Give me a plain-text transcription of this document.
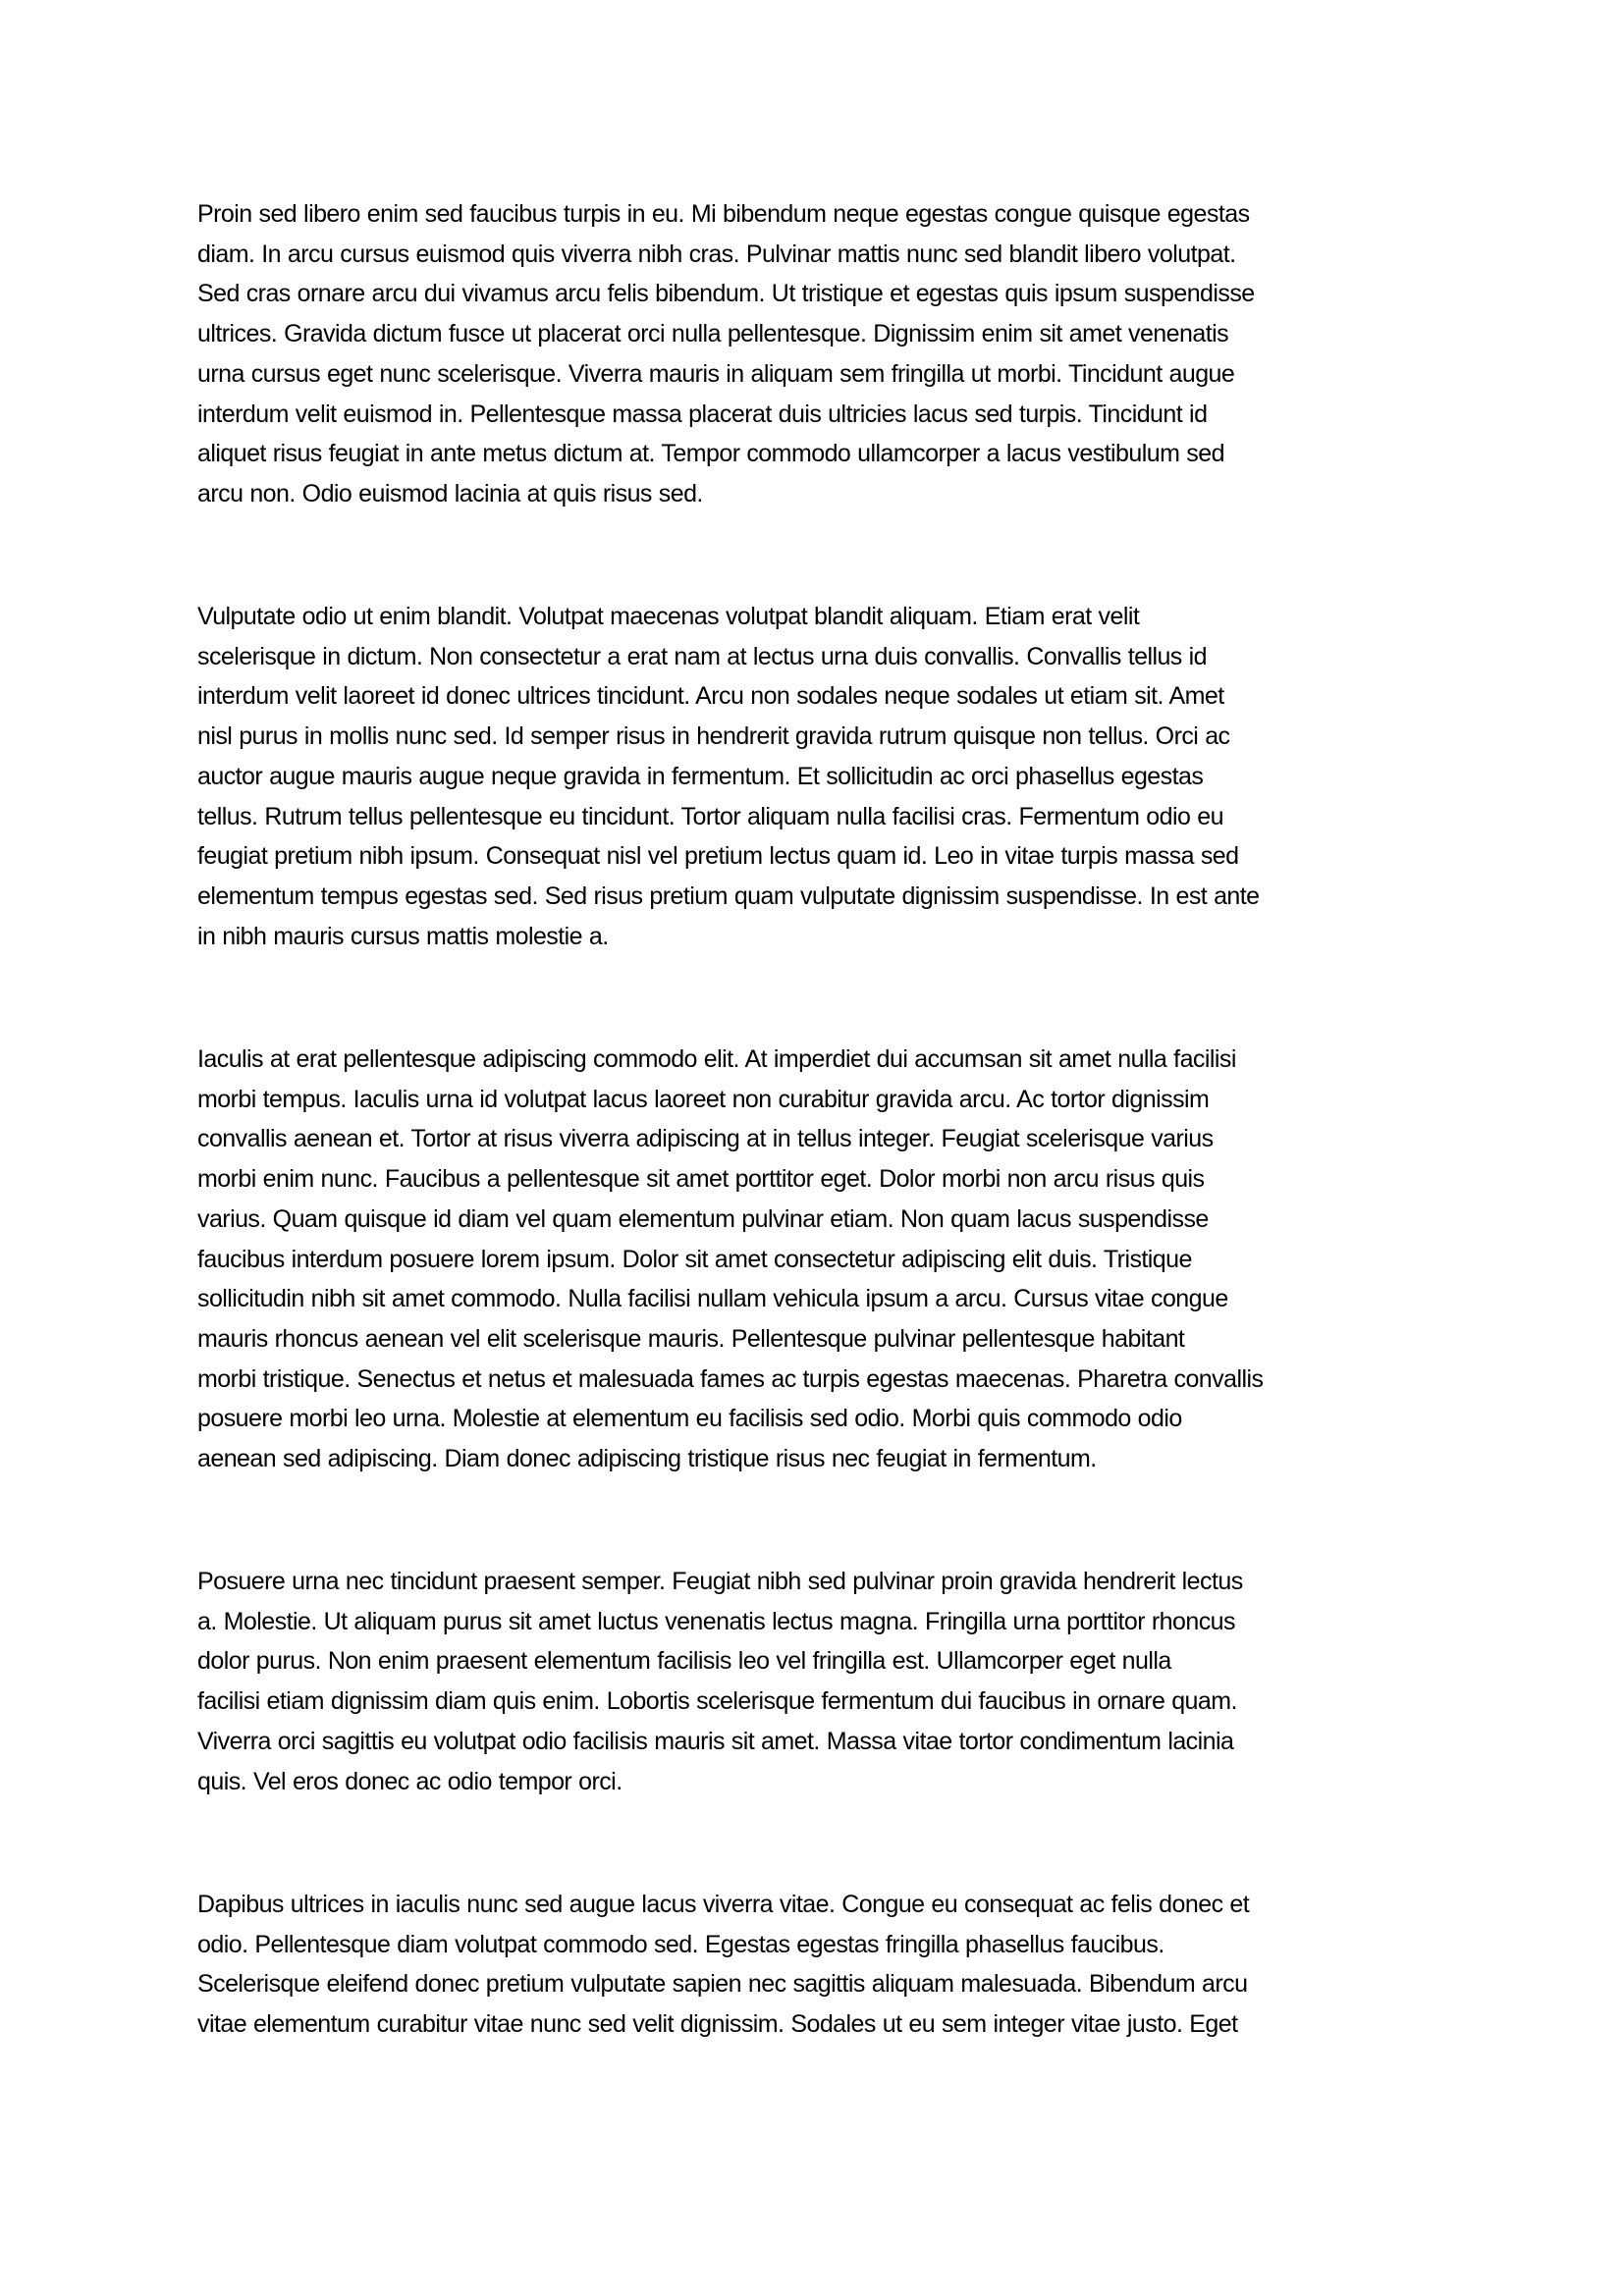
Proin sed libero enim sed faucibus turpis in eu. Mi bibendum neque egestas congue quisque egestas
diam. In arcu cursus euismod quis viverra nibh cras. Pulvinar mattis nunc sed blandit libero volutpat.
Sed cras ornare arcu dui vivamus arcu felis bibendum. Ut tristique et egestas quis ipsum suspendisse
ultrices. Gravida dictum fusce ut placerat orci nulla pellentesque. Dignissim enim sit amet venenatis
urna cursus eget nunc scelerisque. Viverra mauris in aliquam sem fringilla ut morbi. Tincidunt augue
interdum velit euismod in. Pellentesque massa placerat duis ultricies lacus sed turpis. Tincidunt id
aliquet risus feugiat in ante metus dictum at. Tempor commodo ullamcorper a lacus vestibulum sed
arcu non. Odio euismod lacinia at quis risus sed.

Vulputate odio ut enim blandit. Volutpat maecenas volutpat blandit aliquam. Etiam erat velit
scelerisque in dictum. Non consectetur a erat nam at lectus urna duis convallis. Convallis tellus id
interdum velit laoreet id donec ultrices tincidunt. Arcu non sodales neque sodales ut etiam sit. Amet
nisl purus in mollis nunc sed. Id semper risus in hendrerit gravida rutrum quisque non tellus. Orci ac
auctor augue mauris augue neque gravida in fermentum. Et sollicitudin ac orci phasellus egestas
tellus. Rutrum tellus pellentesque eu tincidunt. Tortor aliquam nulla facilisi cras. Fermentum odio eu
feugiat pretium nibh ipsum. Consequat nisl vel pretium lectus quam id. Leo in vitae turpis massa sed
elementum tempus egestas sed. Sed risus pretium quam vulputate dignissim suspendisse. In est ante
in nibh mauris cursus mattis molestie a.

Iaculis at erat pellentesque adipiscing commodo elit. At imperdiet dui accumsan sit amet nulla facilisi
morbi tempus. Iaculis urna id volutpat lacus laoreet non curabitur gravida arcu. Ac tortor dignissim
convallis aenean et. Tortor at risus viverra adipiscing at in tellus integer. Feugiat scelerisque varius
morbi enim nunc. Faucibus a pellentesque sit amet porttitor eget. Dolor morbi non arcu risus quis
varius. Quam quisque id diam vel quam elementum pulvinar etiam. Non quam lacus suspendisse
faucibus interdum posuere lorem ipsum. Dolor sit amet consectetur adipiscing elit duis. Tristique
sollicitudin nibh sit amet commodo. Nulla facilisi nullam vehicula ipsum a arcu. Cursus vitae congue
mauris rhoncus aenean vel elit scelerisque mauris. Pellentesque pulvinar pellentesque habitant
morbi tristique. Senectus et netus et malesuada fames ac turpis egestas maecenas. Pharetra convallis
posuere morbi leo urna. Molestie at elementum eu facilisis sed odio. Morbi quis commodo odio
aenean sed adipiscing. Diam donec adipiscing tristique risus nec feugiat in fermentum.

Posuere urna nec tincidunt praesent semper. Feugiat nibh sed pulvinar proin gravida hendrerit lectus
a. Molestie. Ut aliquam purus sit amet luctus venenatis lectus magna. Fringilla urna porttitor rhoncus
dolor purus. Non enim praesent elementum facilisis leo vel fringilla est. Ullamcorper eget nulla
facilisi etiam dignissim diam quis enim. Lobortis scelerisque fermentum dui faucibus in ornare quam.
Viverra orci sagittis eu volutpat odio facilisis mauris sit amet. Massa vitae tortor condimentum lacinia
quis. Vel eros donec ac odio tempor orci.

Dapibus ultrices in iaculis nunc sed augue lacus viverra vitae. Congue eu consequat ac felis donec et
odio. Pellentesque diam volutpat commodo sed. Egestas egestas fringilla phasellus faucibus.
Scelerisque eleifend donec pretium vulputate sapien nec sagittis aliquam malesuada. Bibendum arcu
vitae elementum curabitur vitae nunc sed velit dignissim. Sodales ut eu sem integer vitae justo. Eget
